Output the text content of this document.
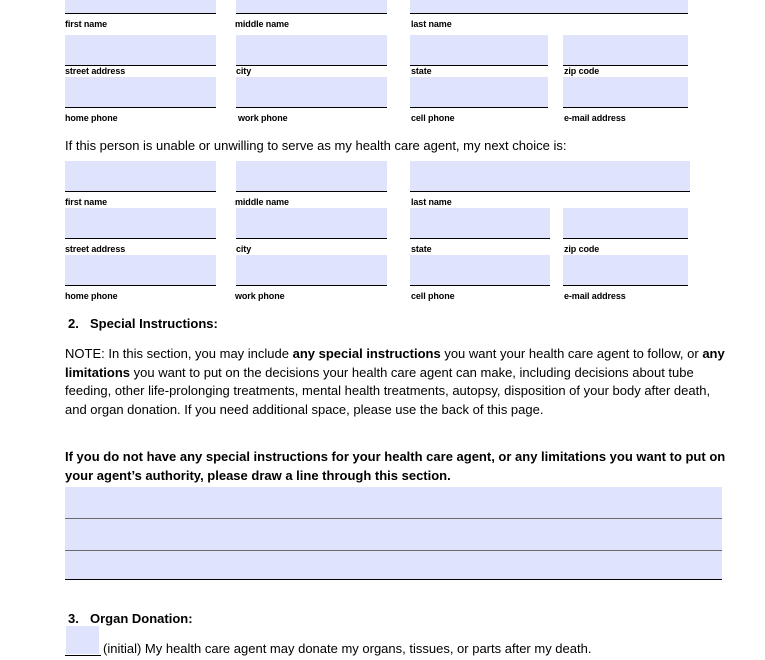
first name	middle name	last name
street address	city	state	zip code
home phone	work phone	cell phone	e-mail address
If this person is unable or unwilling to serve as my health care agent, my next choice is:
first name	middle name	last name
street address	city	state	zip code
home phone	work phone	cell phone	e-mail address
2. Special Instructions:
NOTE: In this section, you may include any special instructions you want your health care agent to follow, or any limitations you want to put on the decisions your health care agent can make, including decisions about tube feeding, other life-prolonging treatments, mental health treatments, autopsy, disposition of your body after death, and organ donation. If you need additional space, please use the back of this page.
If you do not have any special instructions for your health care agent, or any limitations you want to put on your agent’s authority, please draw a line through this section.
3. Organ Donation:
(initial) My health care agent may donate my organs, tissues, or parts after my death.
